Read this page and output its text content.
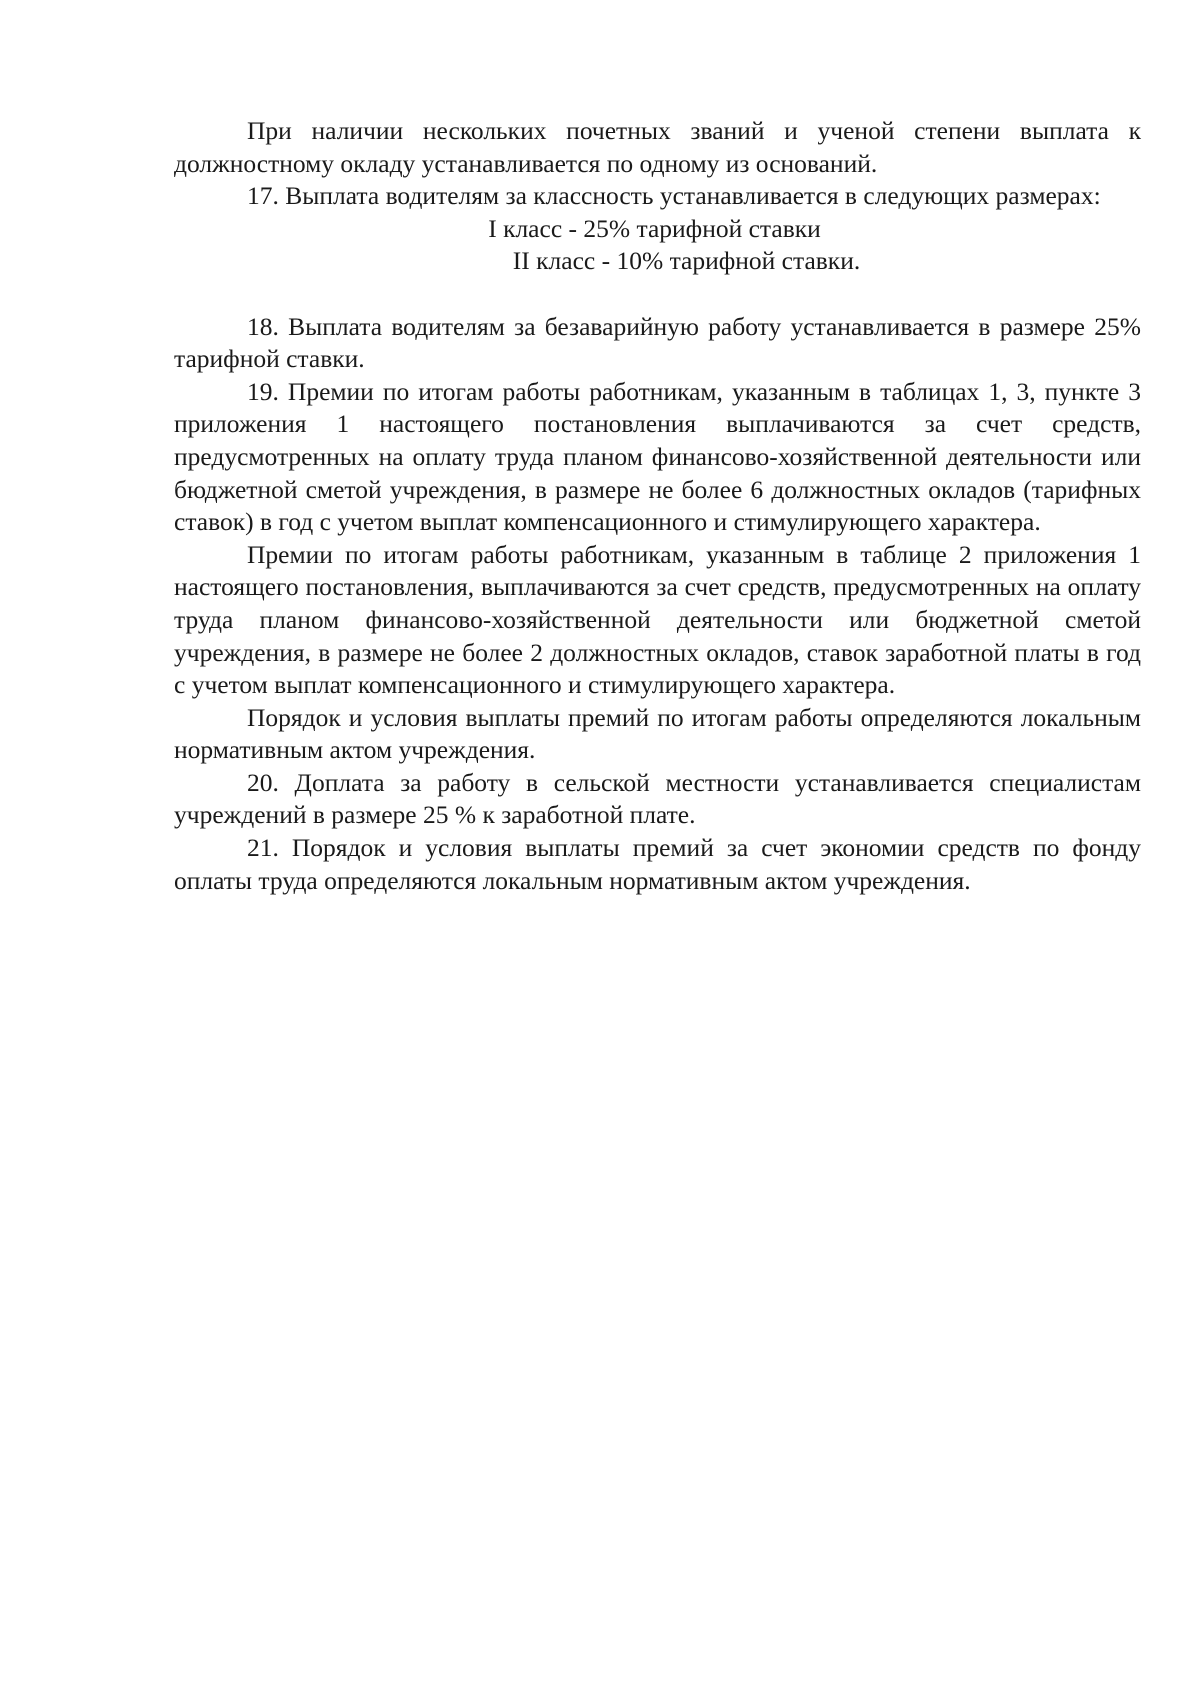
При наличии нескольких почетных званий и ученой степени выплата к должностному окладу устанавливается по одному из оснований.

17. Выплата водителям за классность устанавливается в следующих размерах:

I класс - 25% тарифной ставки

II класс - 10% тарифной ставки.

18. Выплата водителям за безаварийную работу устанавливается в размере 25% тарифной ставки.

19. Премии по итогам работы работникам, указанным в таблицах 1, 3, пункте 3 приложения 1 настоящего постановления выплачиваются за счет средств, предусмотренных на оплату труда планом финансово-хозяйственной деятельности или бюджетной сметой учреждения, в размере не более 6 должностных окладов (тарифных ставок) в год с учетом выплат компенсационного и стимулирующего характера.

Премии по итогам работы работникам, указанным в таблице 2 приложения 1 настоящего постановления, выплачиваются за счет средств, предусмотренных на оплату труда планом финансово-хозяйственной деятельности или бюджетной сметой учреждения, в размере не более 2 должностных окладов, ставок заработной платы в год с учетом выплат компенсационного и стимулирующего характера.

Порядок и условия выплаты премий по итогам работы определяются локальным нормативным актом учреждения.

20. Доплата за работу в сельской местности устанавливается специалистам учреждений в размере 25 % к заработной плате.

21. Порядок и условия выплаты премий за счет экономии средств по фонду оплаты труда определяются локальным нормативным актом учреждения.
